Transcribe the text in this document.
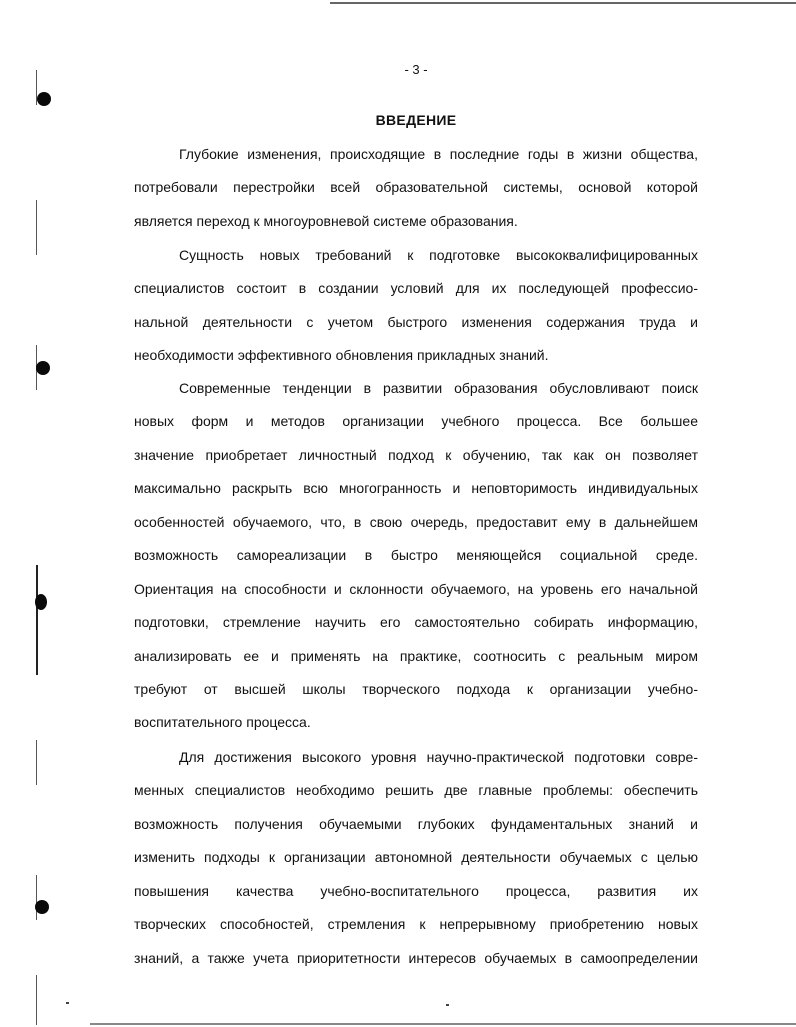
- 3 -
ВВЕДЕНИЕ
Глубокие изменения, происходящие в последние годы в жизни общества,
потребовали перестройки всей образовательной системы, основой которой
является переход к многоуровневой системе образования.
Сущность новых требований к подготовке высококвалифицированных
специалистов состоит в создании условий для их последующей профессио-
нальной деятельности с учетом быстрого изменения содержания труда и
необходимости эффективного обновления прикладных знаний.
Современные тенденции в развитии образования обусловливают поиск
новых форм и методов организации учебного процесса. Все большее
значение приобретает личностный подход к обучению, так как он позволяет
максимально раскрыть всю многогранность и неповторимость индивидуальных
особенностей обучаемого, что, в свою очередь, предоставит ему в дальнейшем
возможность самореализации в быстро меняющейся социальной среде.
Ориентация на способности и склонности обучаемого, на уровень его начальной
подготовки, стремление научить его самостоятельно собирать информацию,
анализировать ее и применять на практике, соотносить с реальным миром
требуют от высшей школы творческого подхода к организации учебно-
воспитательного процесса.
Для достижения высокого уровня научно-практической подготовки совре-
менных специалистов необходимо решить две главные проблемы: обеспечить
возможность получения обучаемыми глубоких фундаментальных знаний и
изменить подходы к организации автономной деятельности обучаемых с целью
повышения качества учебно-воспитательного процесса, развития их
творческих способностей, стремления к непрерывному приобретению новых
знаний, а также учета приоритетности интересов обучаемых в самоопределении
